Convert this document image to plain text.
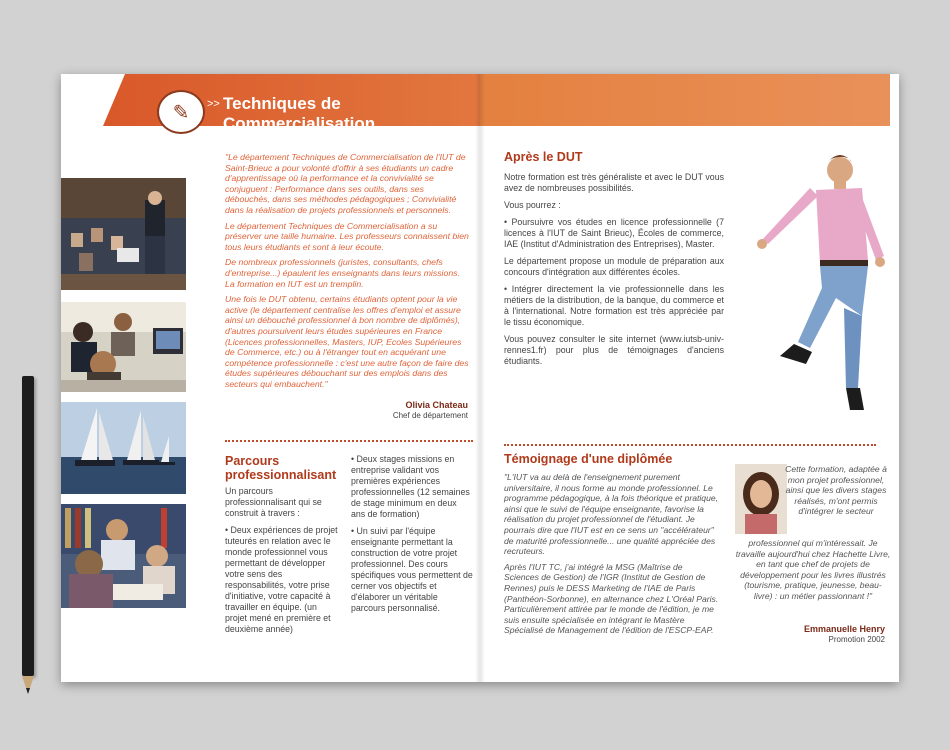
✎ >> Techniques de Commercialisation

"Le département Techniques de Commercialisation de l'IUT de Saint-Brieuc a pour volonté d'offrir à ses étudiants un cadre d'apprentissage où la performance et la convivialité se conjuguent : Performance dans ses outils, dans ses débouchés, dans ses méthodes pédagogiques ; Convivialité dans la réalisation de projets professionnels et personnels.

Le département Techniques de Commercialisation a su préserver une taille humaine. Les professeurs connaissent bien tous leurs étudiants et sont à leur écoute.

De nombreux professionnels (juristes, consultants, chefs d'entreprise...) épaulent les enseignants dans leurs missions. La formation en IUT est un tremplin.

Une fois le DUT obtenu, certains étudiants optent pour la vie active (le département centralise les offres d'emploi et assure ainsi un débouché professionnel à bon nombre de diplômés), d'autres poursuivent leurs études supérieures en France (Licences professionnelles, Masters, IUP, Ecoles Supérieures de Commerce, etc.) ou à l'étranger tout en acquérant une compétence professionnelle : c'est une autre façon de faire des études supérieures débouchant sur des emplois dans des secteurs qui embauchent."

Olivia Chateau
Chef de département
Parcours professionnalisant

Un parcours professionnalisant qui se construit à travers :

• Deux expériences de projet tuteurés en relation avec le monde professionnel vous permettant de développer votre sens des responsabilités, votre prise d'initiative, votre capacité à travailler en équipe. (un projet mené en première et deuxième année)

• Deux stages missions en entreprise validant vos premières expériences professionnelles (12 semaines de stage minimum en deux ans de formation)

• Un suivi par l'équipe enseignante permettant la construction de votre projet professionnel. Des cours spécifiques vous permettent de cerner vos objectifs et d'élaborer un véritable parcours personnalisé.

Après le DUT

Notre formation est très généraliste et avec le DUT vous avez de nombreuses possibilités.

Vous pourrez :

• Poursuivre vos études en licence professionnelle (7 licences à l'IUT de Saint Brieuc), Écoles de commerce, IAE (Institut d'Administration des Entreprises), Master.

Le département propose un module de préparation aux concours d'intégration aux différentes écoles.

• Intégrer directement la vie professionnelle dans les métiers de la distribution, de la banque, du commerce et à l'international. Notre formation est très appréciée par le tissu économique.

Vous pouvez consulter le site internet (www.iutsb-univ-rennes1.fr) pour plus de témoignages d'anciens étudiants.

Témoignage d'une diplômée

"L'IUT va au delà de l'enseignement purement universitaire, il nous forme au monde professionnel. Le programme pédagogique, à la fois théorique et pratique, ainsi que le suivi de l'équipe enseignante, favorise la réalisation du projet professionnel de l'étudiant. Je pourrais dire que l'IUT est en ce sens un "accélérateur" de maturité professionnelle... une qualité appréciée des recruteurs.

Après l'IUT TC, j'ai intégré la MSG (Maîtrise de Sciences de Gestion) de l'IGR (Institut de Gestion de Rennes) puis le DESS Marketing de l'IAE de Paris (Panthéon-Sorbonne), en alternance chez L'Oréal Paris. Particulièrement attirée par le monde de l'édition, je me suis ensuite spécialisée en intégrant le Mastère Spécialisé de Management de l'édition de l'ESCP-EAP.

Cette formation, adaptée à mon projet professionnel, ainsi que les divers stages réalisés, m'ont permis d'intégrer le secteur
professionnel qui m'intéressait. Je travaille aujourd'hui chez Hachette Livre, en tant que chef de projets de développement pour les livres illustrés (tourisme, pratique, jeunesse, beau-livre) : un métier passionnant !"
Emmanuelle Henry
Promotion 2002
